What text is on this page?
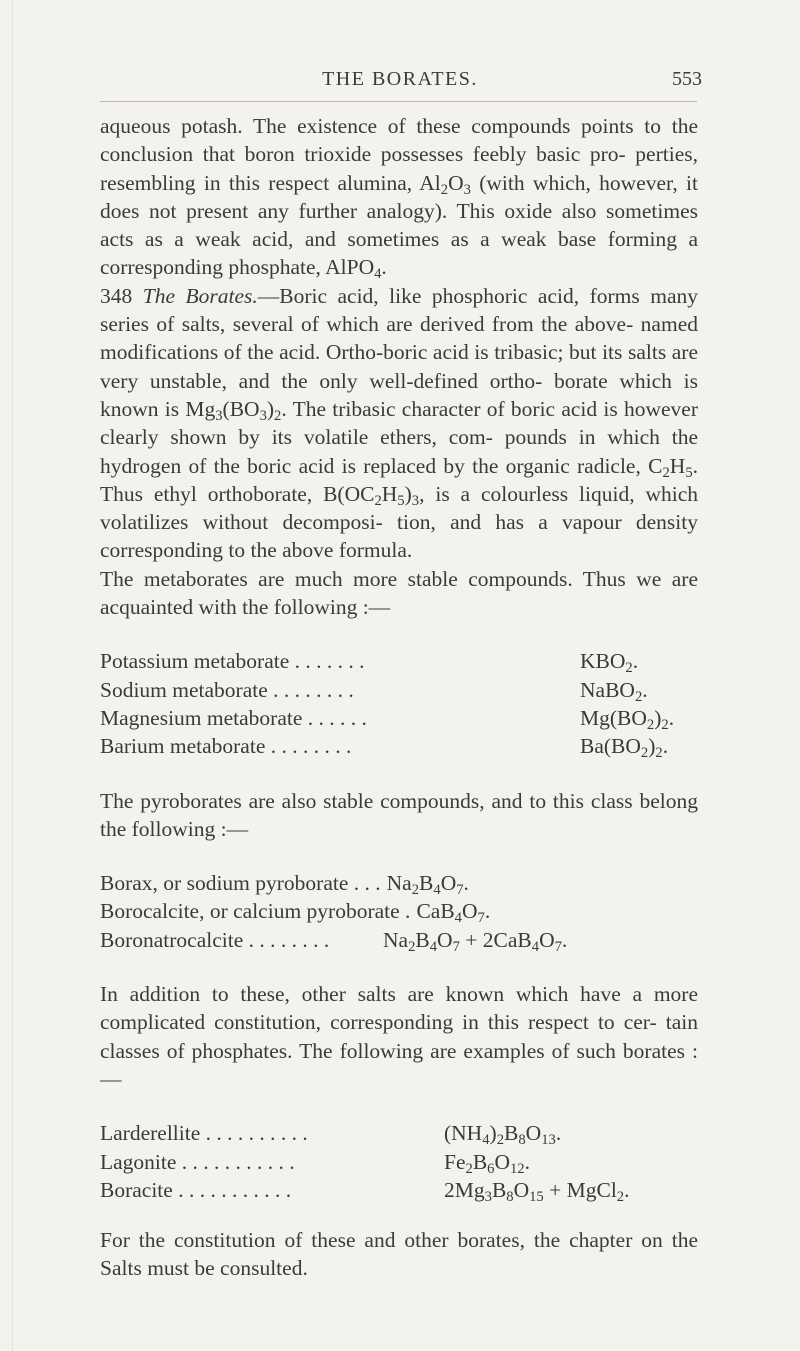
THE BORATES.	553

aqueous potash. The existence of these compounds points to the conclusion that boron trioxide possesses feebly basic pro- perties, resembling in this respect alumina, $Al_2O_3$ (with which, however, it does not present any further analogy). This oxide also sometimes acts as a weak acid, and sometimes as a weak base forming a corresponding phosphate, AlPO$_4$.

348 The Borates.—Boric acid, like phosphoric acid, forms many series of salts, several of which are derived from the above- named modifications of the acid. Ortho-boric acid is tribasic; but its salts are very unstable, and the only well-defined ortho- borate which is known is $Mg_3(BO_3)_2$. The tribasic character of boric acid is however clearly shown by its volatile ethers, com- pounds in which the hydrogen of the boric acid is replaced by the organic radicle, $C_2H_5$. Thus ethyl orthoborate, $B(OC_2H_5)_3$, is a colourless liquid, which volatilizes without decomposi- tion, and has a vapour density corresponding to the above formula.

The metaborates are much more stable compounds. Thus we are acquainted with the following :—

Potassium metaborate . . . . . . .	$KBO_2$.
Sodium metaborate . . . . . . . .	NaBO$_2$.
Magnesium metaborate . . . . . .	$Mg(BO_2)_2$.
Barium metaborate . . . . . . . .	$Ba(BO_2)_2$.

The pyroborates are also stable compounds, and to this class belong the following :—

Borax, or sodium pyroborate . . . $Na_2B_4O_7$.
Borocalcite, or calcium pyroborate . $CaB_4O_7$.
Boronatrocalcite . . . . . . . .	$Na_2B_4O_7 + 2CaB_4O_7$.

In addition to these, other salts are known which have a more complicated constitution, corresponding in this respect to cer- tain classes of phosphates. The following are examples of such borates :—

Larderellite . . . . . . . . . .	$(NH_4)_2B_8O_{13}$.
Lagonite . . . . . . . . . . .	$Fe_2B_6O_{12}$.
Boracite . . . . . . . . . . .	$2Mg_3B_8O_{15}$ + MgCl$_2$.

For the constitution of these and other borates, the chapter on the Salts must be consulted.
